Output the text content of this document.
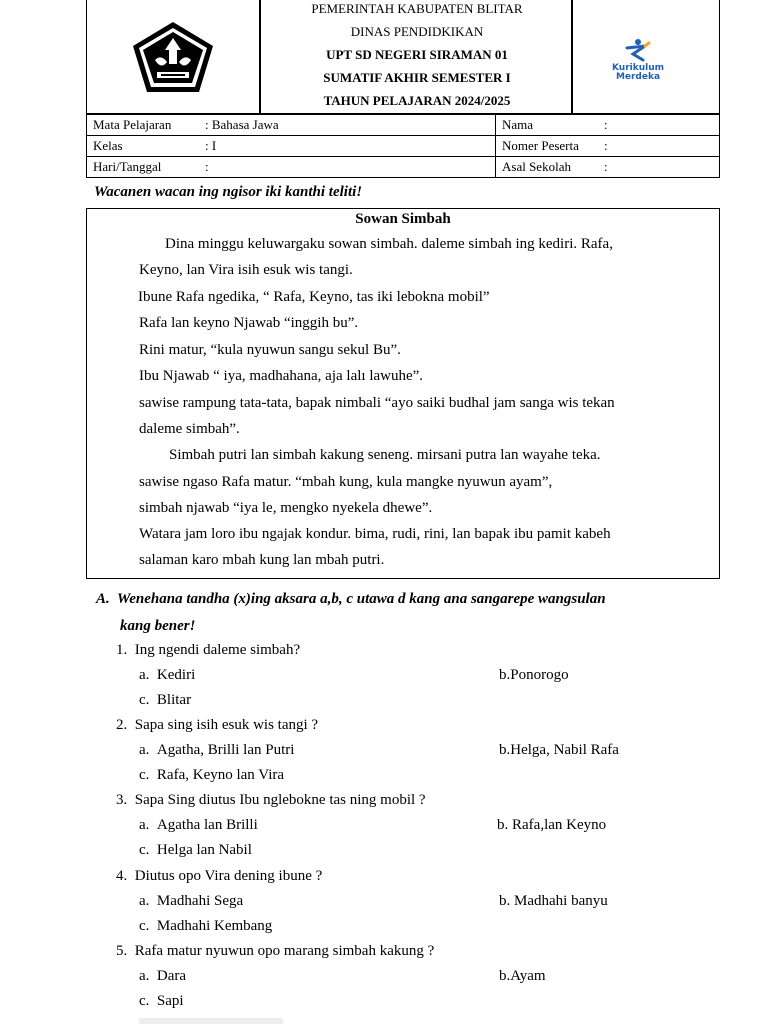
PEMERINTAH KABUPATEN BLITAR
DINAS PENDIDKIKAN
UPT SD NEGERI SIRAMAN 01
SUMATIF AKHIR SEMESTER I
TAHUN PELAJARAN 2024/2025
Kurikulum
Merdeka
Mata Pelajaran : Bahasa Jawa	Nama :
Kelas : I	Nomer Peserta :
Hari/Tanggal :	Asal Sekolah :
Wacanen wacan ing ngisor iki kanthi teliti!
Sowan Simbah
Dina minggu keluwargaku sowan simbah. daleme simbah ing kediri. Rafa,
Keyno, lan Vira isih esuk wis tangi.
Ibune Rafa ngedika, “ Rafa, Keyno, tas iki lebokna mobil”
Rafa lan keyno Njawab “inggih bu”.
Rini matur, “kula nyuwun sangu sekul Bu”.
Ibu Njawab “ iya, madhahana, aja lalı lawuhe”.
sawise rampung tata-tata, bapak nimbali “ayo saiki budhal jam sanga wis tekan
daleme simbah”.
Simbah putri lan simbah kakung seneng. mirsani putra lan wayahe teka.
sawise ngaso Rafa matur. “mbah kung, kula mangke nyuwun ayam”,
simbah njawab “iya le, mengko nyekela dhewe”.
Watara jam loro ibu ngajak kondur. bima, rudi, rini, lan bapak ibu pamit kabeh
salaman karo mbah kung lan mbah putri.
A. Wenehana tandha (x)ing aksara a,b, c utawa d kang ana sangarepe wangsulan
kang bener!
1. Ing ngendi daleme simbah?
a. Kediri	b.Ponorogo
c. Blitar
2. Sapa sing isih esuk wis tangi ?
a. Agatha, Brilli lan Putri	b.Helga, Nabil Rafa
c. Rafa, Keyno lan Vira
3. Sapa Sing diutus Ibu nglebokne tas ning mobil ?
a. Agatha lan Brilli	b. Rafa,lan Keyno
c. Helga lan Nabil
4. Diutus opo Vira dening ibune ?
a. Madhahi Sega	b. Madhahi banyu
c. Madhahi Kembang
5. Rafa matur nyuwun opo marang simbah kakung ?
a. Dara	b.Ayam
c. Sapi
